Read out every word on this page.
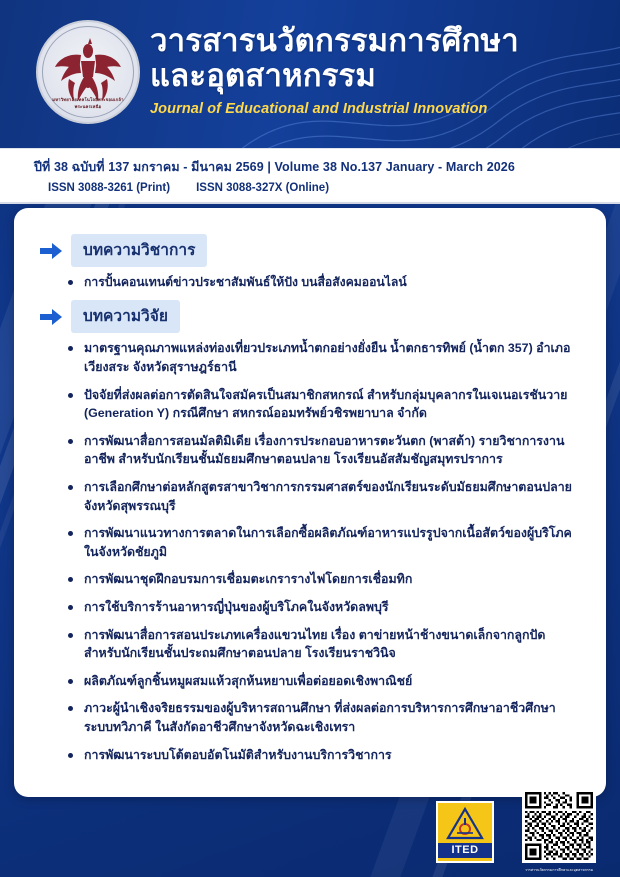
มหาวิทยาลัยเทคโนโลยีพระจอมเกล้าพระนครเหนือ
วารสารนวัตกรรมการศึกษา
และอุตสาหกรรม
Journal of Educational and Industrial Innovation
ปีที่ 38 ฉบับที่ 137 มกราคม - มีนาคม 2569 | Volume 38 No.137 January - March 2026
ISSN 3088-3261 (Print) ISSN 3088-327X (Online)
บทความวิชาการ
การปั้นคอนเทนต์ข่าวประชาสัมพันธ์ให้ปัง บนสื่อสังคมออนไลน์
บทความวิจัย
มาตรฐานคุณภาพแหล่งท่องเที่ยวประเภทน้ำตกอย่างยั่งยืน น้ำตกธารทิพย์ (น้ำตก 357) อำเภอเวียงสระ จังหวัดสุราษฎร์ธานี
ปัจจัยที่ส่งผลต่อการตัดสินใจสมัครเป็นสมาชิกสหกรณ์ สำหรับกลุ่มบุคลากรในเจเนอเรชันวาย (Generation Y) กรณีศึกษา สหกรณ์ออมทรัพย์วชิรพยาบาล จำกัด
การพัฒนาสื่อการสอนมัลติมิเดีย เรื่องการประกอบอาหารตะวันตก (พาสต้า) รายวิชาการงานอาชีพ สำหรับนักเรียนชั้นมัธยมศึกษาตอนปลาย โรงเรียนอัสสัมชัญสมุทรปราการ
การเลือกศึกษาต่อหลักสูตรสาขาวิชาการกรรมศาสตร์ของนักเรียนระดับมัธยมศึกษาตอนปลาย จังหวัดสุพรรณบุรี
การพัฒนาแนวทางการตลาดในการเลือกซื้อผลิตภัณฑ์อาหารแปรรูปจากเนื้อสัตว์ของผู้บริโภค ในจังหวัดชัยภูมิ
การพัฒนาชุดฝึกอบรมการเชื่อมตะเกรารางไฟโดยการเชื่อมทิก
การใช้บริการร้านอาหารญี่ปุ่นของผู้บริโภคในจังหวัดลพบุรี
การพัฒนาสื่อการสอนประเภทเครื่องแขวนไทย เรื่อง ตาข่ายหน้าช้างขนาดเล็กจากลูกปัด สำหรับนักเรียนชั้นประถมศึกษาตอนปลาย โรงเรียนราชวินิจ
ผลิตภัณฑ์ลูกชิ้นหมูผสมแห้วสุกห้นหยาบเพื่อต่อยอดเชิงพาณิชย์
ภาวะผู้นำเชิงจริยธรรมของผู้บริหารสถานศึกษา ที่ส่งผลต่อการบริหารการศึกษาอาชีวศึกษา ระบบทวิภาคี ในสังกัดอาชีวศึกษาจังหวัดฉะเชิงเทรา
การพัฒนาระบบโต้ตอบอัตโนมัติสำหรับงานบริการวิชาการ
ITED
วารสารนวัตกรรมการศึกษาและอุตสาหกรรม
